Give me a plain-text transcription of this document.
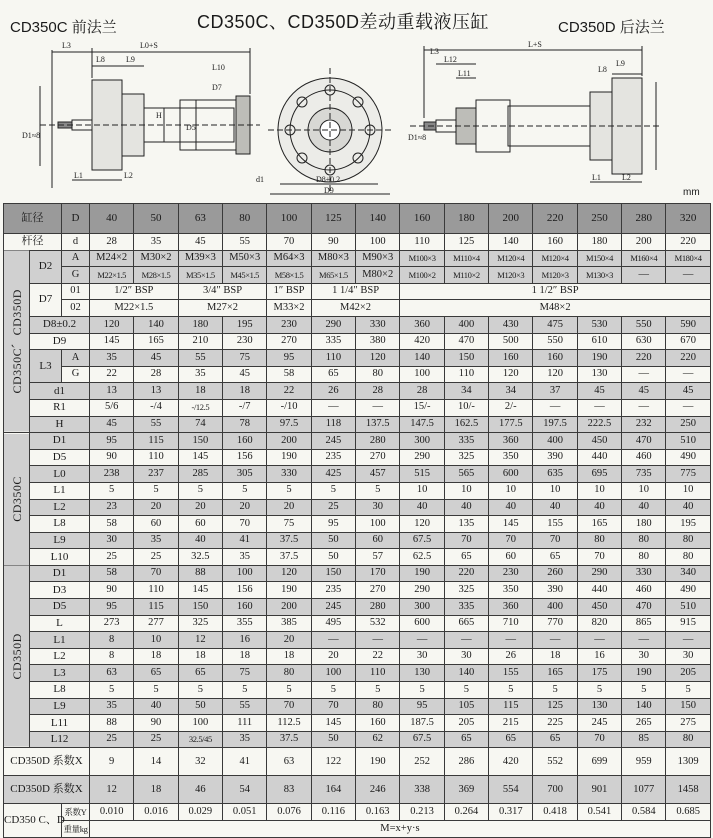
CD350C 前法兰	CD350C、CD350D差动重载液压缸	CD350D 后法兰
L3	L0+S
L8	L9
L10
D7
H
D5
D1≈8
L1	L2	d1	D8±0.2
D9
L3
L+S
L12
L11	L8
L9
D1≈8
L1	L2
mm
缸径		D	40	50	63	80	100	125	140	160	180	200	220	250	280	320
杆径		d	28	35	45	55	70	90	100	110	125	140	160	180	200	220
CD350C、CD350D	D2	A	M24×2	M30×2	M39×3	M50×3	M64×3	M80×3	M90×3	M100×3	M110×4	M120×4	M120×4	M150×4	M160×4	M180×4
		G	M22×1.5	M28×1.5	M35×1.5	M45×1.5	M58×1.5	M65×1.5	M80×2	M100×2	M110×2	M120×3	M120×3	M130×3	—	—
	D7	01	1/2″ BSP		3/4″ BSP		1″ BSP	1 1/4″ BSP		1 1/2″ BSP						
		02	M22×1.5		M27×2		M33×2	M42×2		M48×2						
	D8±0.2		120	140	180	195	230	290	330	360	400	430	475	530	550	590
	D9		145	165	210	230	270	335	380	420	470	500	550	610	630	670
	L3	A	35	45	55	75	95	110	120	140	150	160	160	190	220	220
		G	22	28	35	45	58	65	80	100	110	120	120	130	—	—
	d1		13	13	18	18	22	26	28	28	34	34	37	45	45	45
	R1		5/6	-/4	-/12.5	-/7	-/10	—	—	15/-	10/-	2/-	—	—	—	—
	H		45	55	74	78	97.5	118	137.5	147.5	162.5	177.5	197.5	222.5	232	250
CD350C	D1		95	115	150	160	200	245	280	300	335	360	400	450	470	510
	D5		90	110	145	156	190	235	270	290	325	350	390	440	460	490
	L0		238	237	285	305	330	425	457	515	565	600	635	695	735	775
	L1		5	5	5	5	5	5	5	10	10	10	10	10	10	10
	L2		23	20	20	20	20	25	30	40	40	40	40	40	40	40
	L8		58	60	60	70	75	95	100	120	135	145	155	165	180	195
	L9		30	35	40	41	37.5	50	60	67.5	70	70	70	80	80	80
	L10		25	25	32.5	35	37.5	50	57	62.5	65	60	65	70	80	80
CD350D	D1		58	70	88	100	120	150	170	190	220	230	260	290	330	340
	D3		90	110	145	156	190	235	270	290	325	350	390	440	460	490
	D5		95	115	150	160	200	245	280	300	335	360	400	450	470	510
	L		273	277	325	355	385	495	532	600	665	710	770	820	865	915
	L1		8	10	12	16	20	—	—	—	—	—	—	—	—	—
	L2		8	18	18	18	18	20	22	30	30	26	18	16	30	30
	L3		63	65	65	75	80	100	110	130	140	155	165	175	190	205
	L8		5	5	5	5	5	5	5	5	5	5	5	5	5	5
	L9		35	40	50	55	70	70	80	95	105	115	125	130	140	150
	L11		88	90	100	111	112.5	145	160	187.5	205	215	225	245	265	275
	L12		25	25	32.5/45	35	37.5	50	62	67.5	65	65	65	70	85	80
CD350D 系数X			9	14	32	41	63	122	190	252	286	420	552	699	959	1309
CD350D 系数X			12	18	46	54	83	164	246	338	369	554	700	901	1077	1458
CD350 C、D		系数Y	0.010	0.016	0.029	0.051	0.076	0.116	0.163	0.213	0.264	0.317	0.418	0.541	0.584	0.685
		重量kg	M=x+y·s													
